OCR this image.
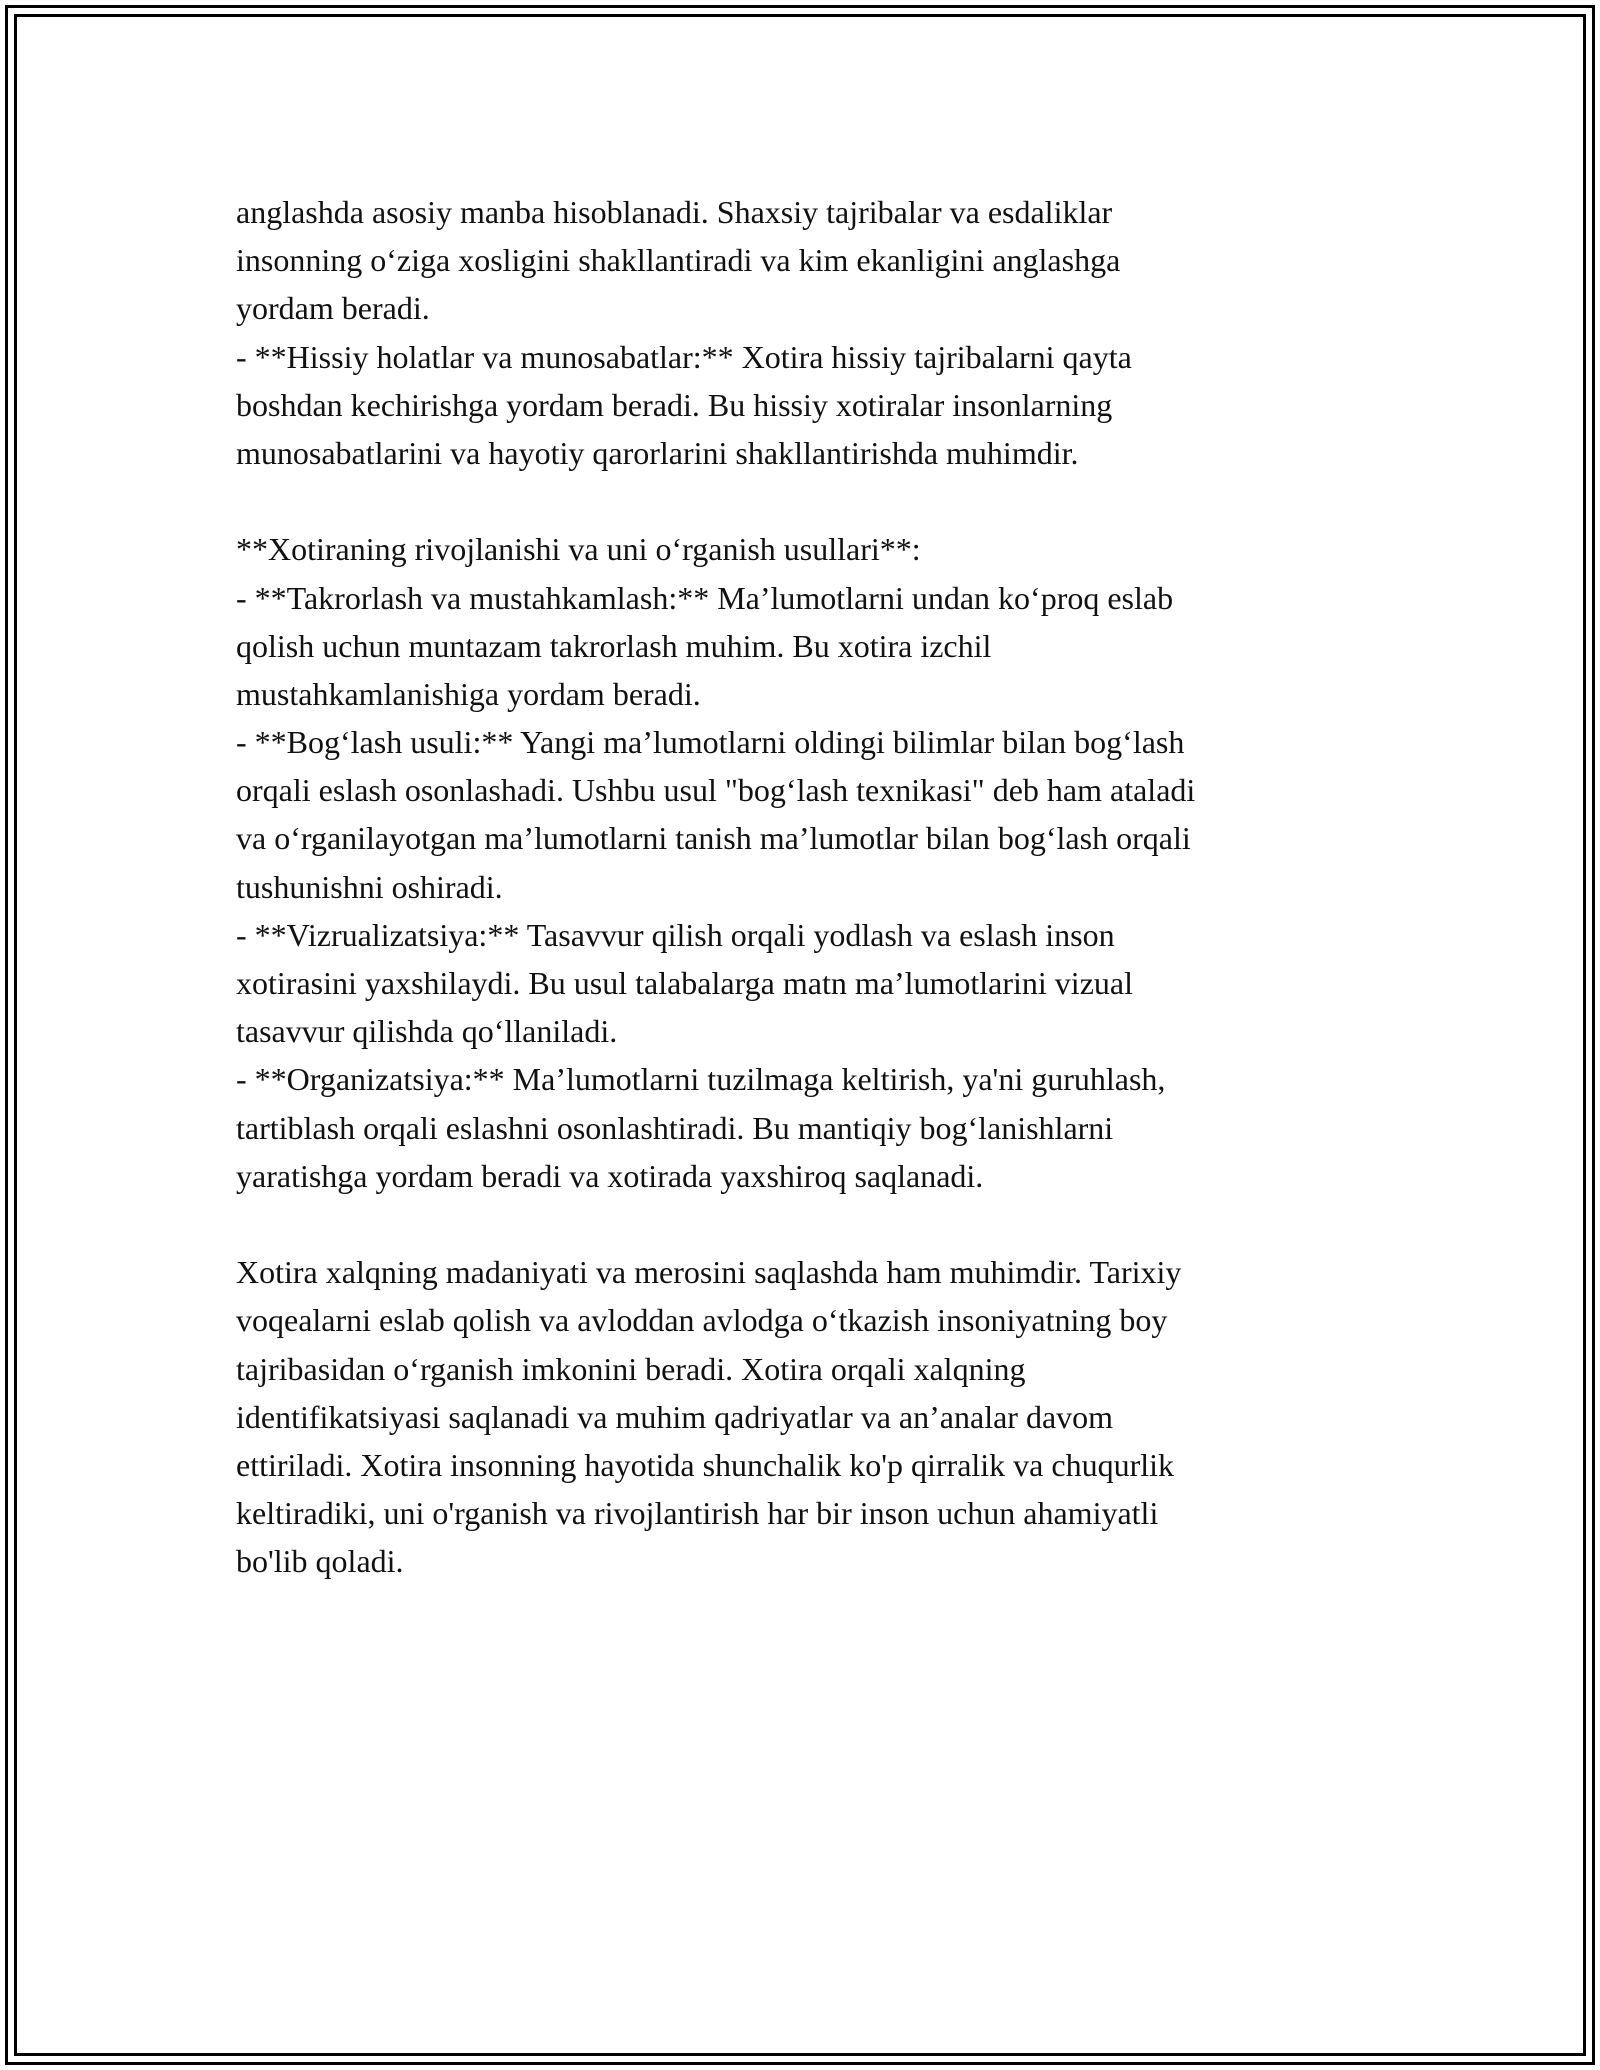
anglashda asosiy manba hisoblanadi. Shaxsiy tajribalar va esdaliklar
insonning o‘ziga xosligini shakllantiradi va kim ekanligini anglashga
yordam beradi.
- **Hissiy holatlar va munosabatlar:** Xotira hissiy tajribalarni qayta
boshdan kechirishga yordam beradi. Bu hissiy xotiralar insonlarning
munosabatlarini va hayotiy qarorlarini shakllantirishda muhimdir.
**Xotiraning rivojlanishi va uni o‘rganish usullari**:
- **Takrorlash va mustahkamlash:** Ma’lumotlarni undan ko‘proq eslab
qolish uchun muntazam takrorlash muhim. Bu xotira izchil
mustahkamlanishiga yordam beradi.
- **Bog‘lash usuli:** Yangi ma’lumotlarni oldingi bilimlar bilan bog‘lash
orqali eslash osonlashadi. Ushbu usul "bog‘lash texnikasi" deb ham ataladi
va o‘rganilayotgan ma’lumotlarni tanish ma’lumotlar bilan bog‘lash orqali
tushunishni oshiradi.
- **Vizrualizatsiya:** Tasavvur qilish orqali yodlash va eslash inson
xotirasini yaxshilaydi. Bu usul talabalarga matn ma’lumotlarini vizual
tasavvur qilishda qo‘llaniladi.
- **Organizatsiya:** Ma’lumotlarni tuzilmaga keltirish, ya'ni guruhlash,
tartiblash orqali eslashni osonlashtiradi. Bu mantiqiy bog‘lanishlarni
yaratishga yordam beradi va xotirada yaxshiroq saqlanadi.
Xotira xalqning madaniyati va merosini saqlashda ham muhimdir. Tarixiy
voqealarni eslab qolish va avloddan avlodga o‘tkazish insoniyatning boy
tajribasidan o‘rganish imkonini beradi. Xotira orqali xalqning
identifikatsiyasi saqlanadi va muhim qadriyatlar va an’analar davom
ettiriladi. Xotira insonning hayotida shunchalik ko'p qirralik va chuqurlik
keltiradiki, uni o'rganish va rivojlantirish har bir inson uchun ahamiyatli
bo'lib qoladi.
